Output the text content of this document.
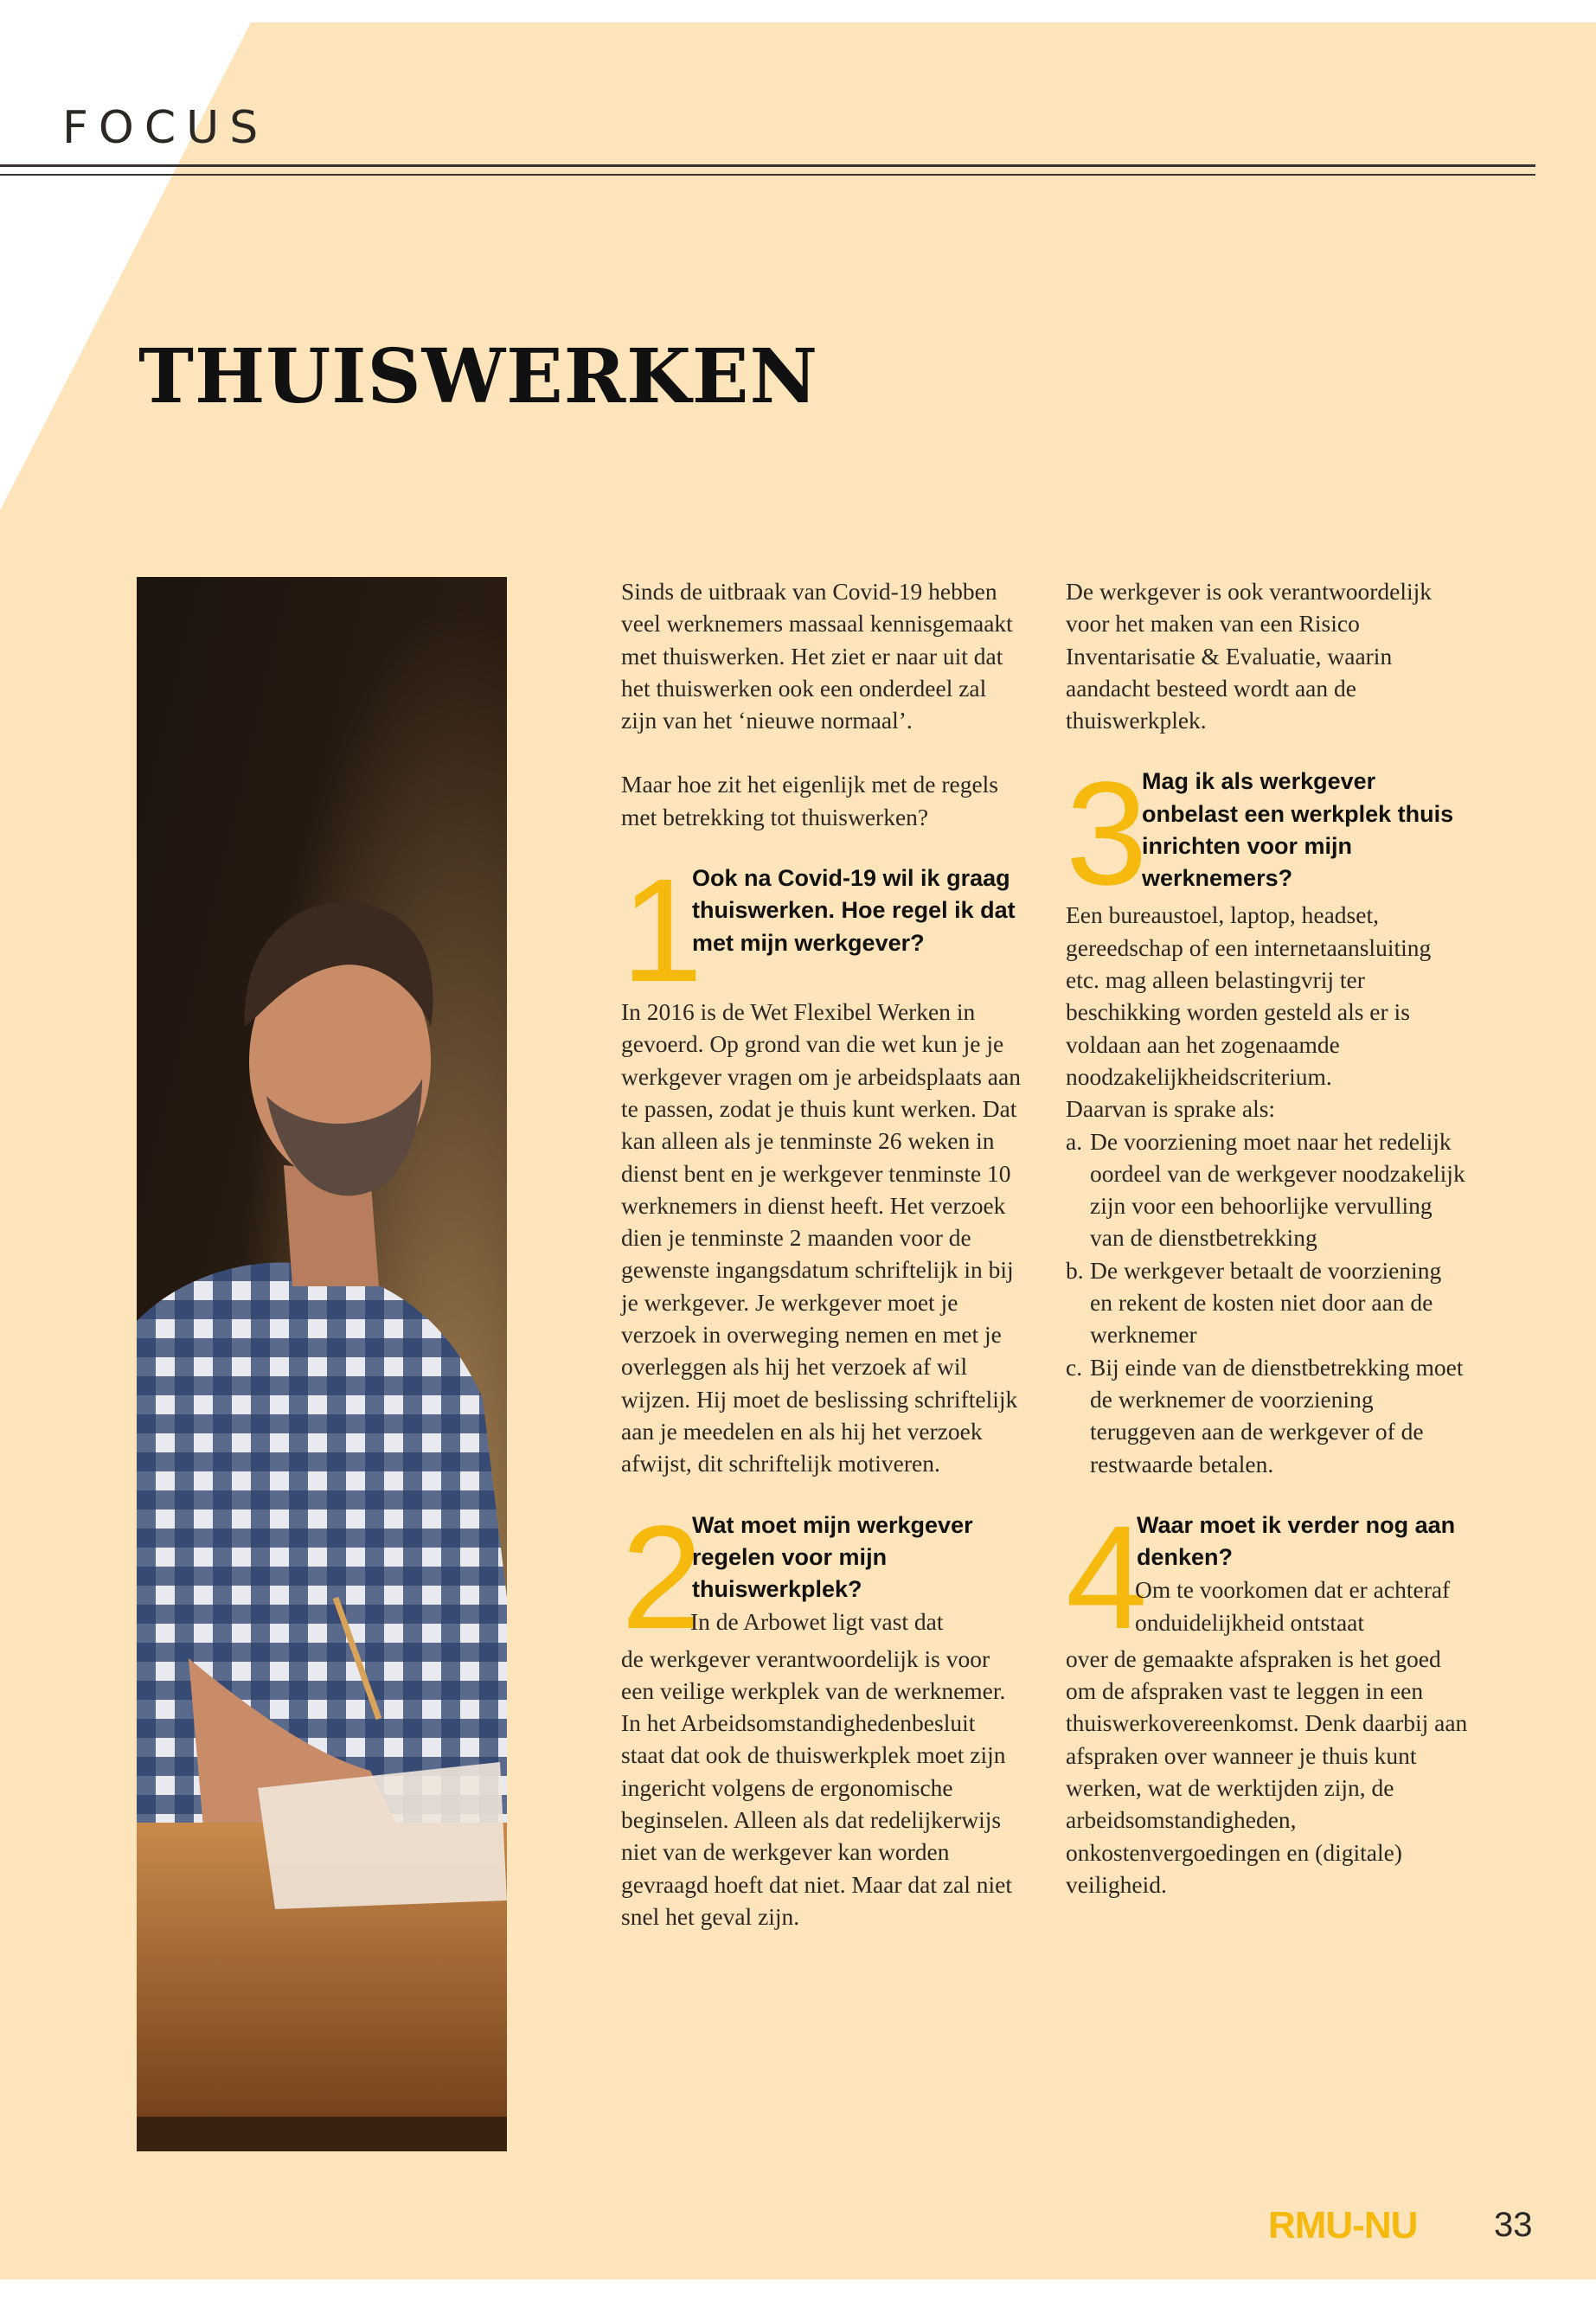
FOCUS
THUISWERKEN

Sinds de uitbraak van Covid-19 hebben veel werknemers massaal kennisgemaakt met thuiswerken. Het ziet er naar uit dat het thuiswerken ook een onderdeel zal zijn van het ‘nieuwe normaal’.

Maar hoe zit het eigenlijk met de regels met betrekking tot thuiswerken?

1
Ook na Covid-19 wil ik graag thuiswerken. Hoe regel ik dat met mijn werkgever?

In 2016 is de Wet Flexibel Werken in gevoerd. Op grond van die wet kun je je werkgever vragen om je arbeidsplaats aan te passen, zodat je thuis kunt werken. Dat kan alleen als je tenminste 26 weken in dienst bent en je werkgever tenminste 10 werknemers in dienst heeft. Het verzoek dien je tenminste 2 maanden voor de gewenste ingangsdatum schriftelijk in bij je werkgever. Je werkgever moet je verzoek in overweging nemen en met je overleggen als hij het verzoek af wil wijzen. Hij moet de beslissing schriftelijk aan je meedelen en als hij het verzoek afwijst, dit schriftelijk motiveren.

2
Wat moet mijn werkgever regelen voor mijn thuiswerkplek?
In de Arbowet ligt vast dat

de werkgever verantwoordelijk is voor een veilige werkplek van de werknemer. In het Arbeidsomstandighedenbesluit staat dat ook de thuiswerkplek moet zijn ingericht volgens de ergonomische beginselen. Alleen als dat redelijkerwijs niet van de werkgever kan worden gevraagd hoeft dat niet. Maar dat zal niet snel het geval zijn.

De werkgever is ook verantwoordelijk voor het maken van een Risico Inventarisatie & Evaluatie, waarin aandacht besteed wordt aan de thuiswerkplek.

3
Mag ik als werkgever onbelast een werkplek thuis inrichten voor mijn werknemers?

Een bureaustoel, laptop, headset, gereedschap of een internetaansluiting etc. mag alleen belastingvrij ter beschikking worden gesteld als er is voldaan aan het zogenaamde noodzakelijkheidscriterium.

Daarvan is sprake als:

a. De voorziening moet naar het redelijk oordeel van de werkgever noodzakelijk zijn voor een behoorlijke vervulling van de dienstbetrekking
b. De werkgever betaalt de voorziening en rekent de kosten niet door aan de werknemer
c. Bij einde van de dienstbetrekking moet de werknemer de voorziening teruggeven aan de werkgever of de restwaarde betalen.
4
Waar moet ik verder nog aan denken?
Om te voorkomen dat er achteraf onduidelijkheid ontstaat

over de gemaakte afspraken is het goed om de afspraken vast te leggen in een thuiswerkovereenkomst. Denk daarbij aan afspraken over wanneer je thuis kunt werken, wat de werktijden zijn, de arbeidsomstandigheden, onkostenvergoedingen en (digitale) veiligheid.

RMU-NU 33
